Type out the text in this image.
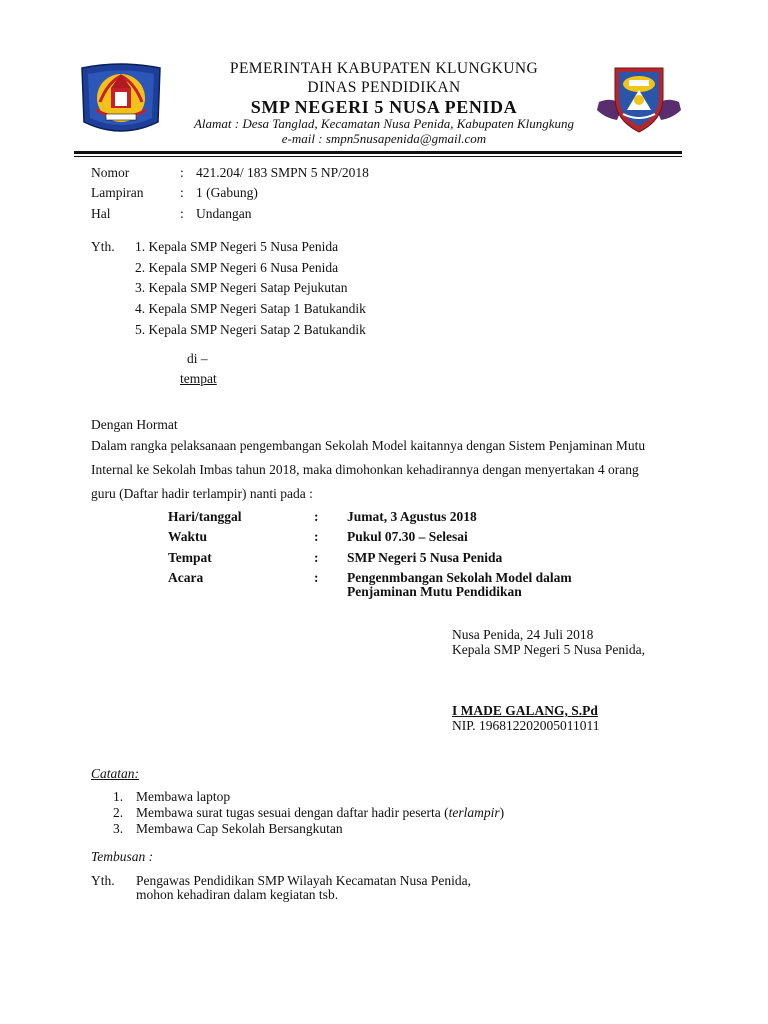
PEMERINTAH KABUPATEN KLUNGKUNG
DINAS PENDIDIKAN
SMP NEGERI 5 NUSA PENIDA
Alamat : Desa Tanglad, Kecamatan Nusa Penida, Kabupaten Klungkung
e-mail : smpn5nusapenida@gmail.com
Nomor	: 421.204/ 183 SMPN 5 NP/2018
Lampiran	: 1 (Gabung)
Hal	: Undangan
Yth. 1. Kepala SMP Negeri 5 Nusa Penida
2. Kepala SMP Negeri 6 Nusa Penida
3. Kepala SMP Negeri Satap Pejukutan
4. Kepala SMP Negeri Satap 1 Batukandik
5. Kepala SMP Negeri Satap 2 Batukandik
di –
tempat
Dengan Hormat
Dalam rangka pelaksanaan pengembangan Sekolah Model kaitannya dengan Sistem Penjaminan Mutu
Internal ke Sekolah Imbas tahun 2018, maka dimohonkan kehadirannya dengan menyertakan 4 orang
guru (Daftar hadir terlampir) nanti pada :
Hari/tanggal	: Jumat, 3 Agustus 2018
Waktu	: Pukul 07.30 – Selesai
Tempat	: SMP Negeri 5 Nusa Penida
Acara	: Pengenmbangan Sekolah Model dalam
Penjaminan Mutu Pendidikan
Nusa Penida, 24 Juli 2018
Kepala SMP Negeri 5 Nusa Penida,
I MADE GALANG, S.Pd
NIP. 196812202005011011
Catatan:
1. Membawa laptop
2. Membawa surat tugas sesuai dengan daftar hadir peserta (terlampir)
3. Membawa Cap Sekolah Bersangkutan
Tembusan :
Yth. Pengawas Pendidikan SMP Wilayah Kecamatan Nusa Penida,
mohon kehadiran dalam kegiatan tsb.
